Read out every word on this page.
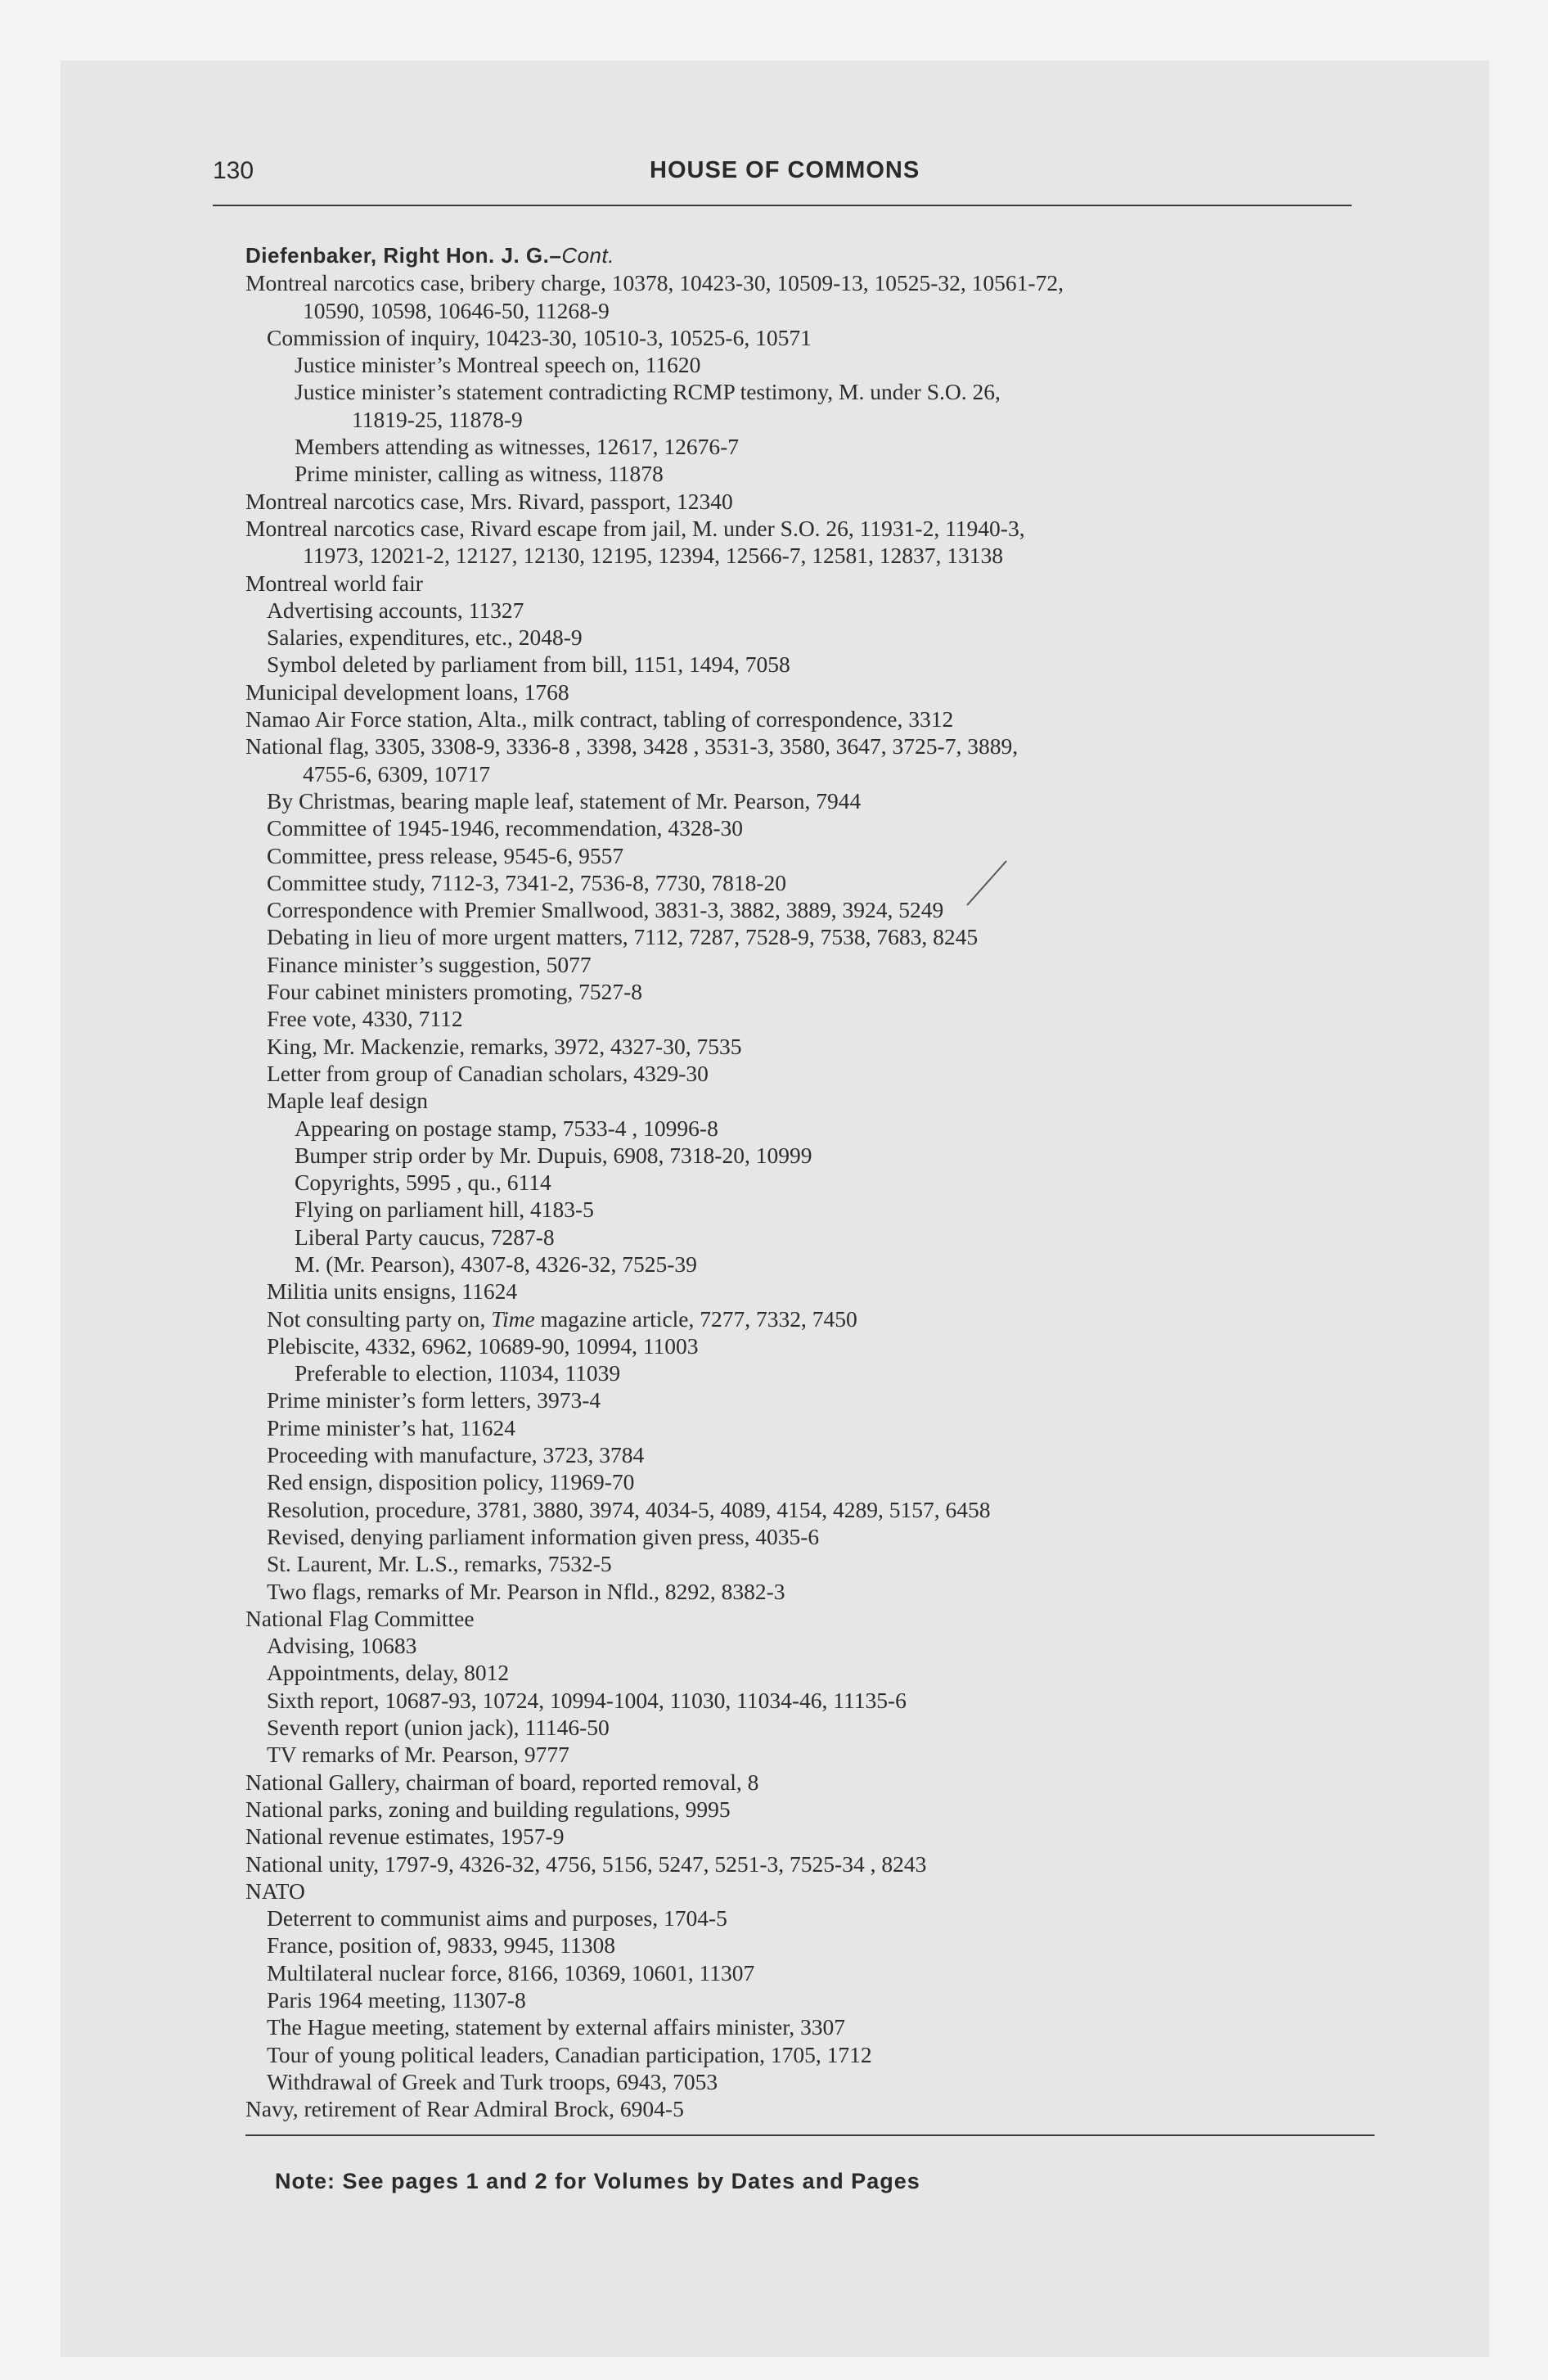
130	HOUSE OF COMMONS
Diefenbaker, Right Hon. J. G.–Cont.
Montreal narcotics case, bribery charge, 10378, 10423-30, 10509-13, 10525-32, 10561-72,
10590, 10598, 10646-50, 11268-9
Commission of inquiry, 10423-30, 10510-3, 10525-6, 10571
Justice minister’s Montreal speech on, 11620
Justice minister’s statement contradicting RCMP testimony, M. under S.O. 26,
11819-25, 11878-9
Members attending as witnesses, 12617, 12676-7
Prime minister, calling as witness, 11878
Montreal narcotics case, Mrs. Rivard, passport, 12340
Montreal narcotics case, Rivard escape from jail, M. under S.O. 26, 11931-2, 11940-3,
11973, 12021-2, 12127, 12130, 12195, 12394, 12566-7, 12581, 12837, 13138
Montreal world fair
Advertising accounts, 11327
Salaries, expenditures, etc., 2048-9
Symbol deleted by parliament from bill, 1151, 1494, 7058
Municipal development loans, 1768
Namao Air Force station, Alta., milk contract, tabling of correspondence, 3312
National flag, 3305, 3308-9, 3336-8 , 3398, 3428 , 3531-3, 3580, 3647, 3725-7, 3889,
4755-6, 6309, 10717
By Christmas, bearing maple leaf, statement of Mr. Pearson, 7944
Committee of 1945-1946, recommendation, 4328-30
Committee, press release, 9545-6, 9557
Committee study, 7112-3, 7341-2, 7536-8, 7730, 7818-20
Correspondence with Premier Smallwood, 3831-3, 3882, 3889, 3924, 5249
Debating in lieu of more urgent matters, 7112, 7287, 7528-9, 7538, 7683, 8245
Finance minister’s suggestion, 5077
Four cabinet ministers promoting, 7527-8
Free vote, 4330, 7112
King, Mr. Mackenzie, remarks, 3972, 4327-30, 7535
Letter from group of Canadian scholars, 4329-30
Maple leaf design
Appearing on postage stamp, 7533-4 , 10996-8
Bumper strip order by Mr. Dupuis, 6908, 7318-20, 10999
Copyrights, 5995 , qu., 6114
Flying on parliament hill, 4183-5
Liberal Party caucus, 7287-8
M. (Mr. Pearson), 4307-8, 4326-32, 7525-39
Militia units ensigns, 11624
Not consulting party on, Time magazine article, 7277, 7332, 7450
Plebiscite, 4332, 6962, 10689-90, 10994, 11003
Preferable to election, 11034, 11039
Prime minister’s form letters, 3973-4
Prime minister’s hat, 11624
Proceeding with manufacture, 3723, 3784
Red ensign, disposition policy, 11969-70
Resolution, procedure, 3781, 3880, 3974, 4034-5, 4089, 4154, 4289, 5157, 6458
Revised, denying parliament information given press, 4035-6
St. Laurent, Mr. L.S., remarks, 7532-5
Two flags, remarks of Mr. Pearson in Nfld., 8292, 8382-3
National Flag Committee
Advising, 10683
Appointments, delay, 8012
Sixth report, 10687-93, 10724, 10994-1004, 11030, 11034-46, 11135-6
Seventh report (union jack), 11146-50
TV remarks of Mr. Pearson, 9777
National Gallery, chairman of board, reported removal, 8
National parks, zoning and building regulations, 9995
National revenue estimates, 1957-9
National unity, 1797-9, 4326-32, 4756, 5156, 5247, 5251-3, 7525-34 , 8243
NATO
Deterrent to communist aims and purposes, 1704-5
France, position of, 9833, 9945, 11308
Multilateral nuclear force, 8166, 10369, 10601, 11307
Paris 1964 meeting, 11307-8
The Hague meeting, statement by external affairs minister, 3307
Tour of young political leaders, Canadian participation, 1705, 1712
Withdrawal of Greek and Turk troops, 6943, 7053
Navy, retirement of Rear Admiral Brock, 6904-5
Note: See pages 1 and 2 for Volumes by Dates and Pages
